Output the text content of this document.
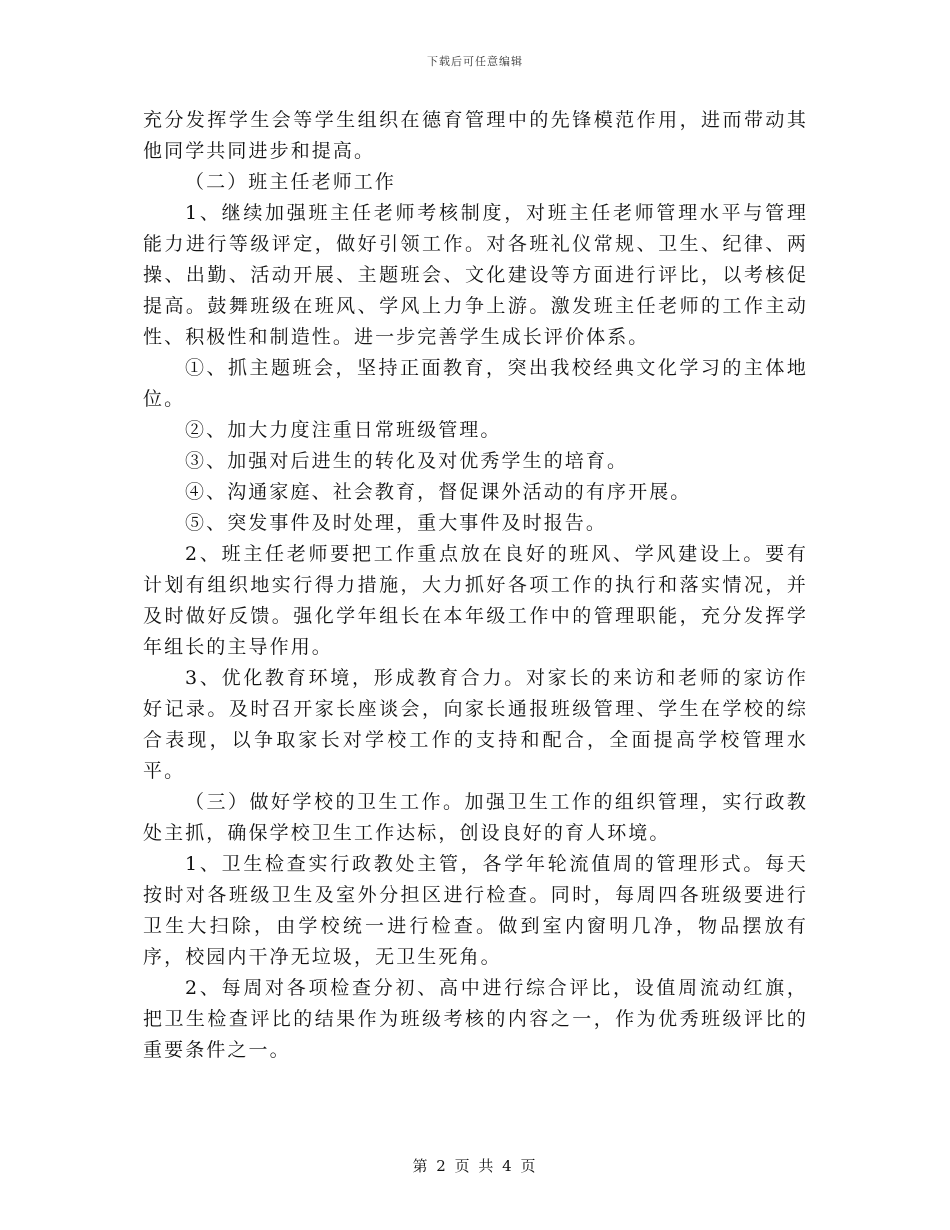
下载后可任意编辑

充分发挥学生会等学生组织在德育管理中的先锋模范作用，进而带动其他同学共同进步和提高。

（二）班主任老师工作

1、继续加强班主任老师考核制度，对班主任老师管理水平与管理能力进行等级评定，做好引领工作。对各班礼仪常规、卫生、纪律、两操、出勤、活动开展、主题班会、文化建设等方面进行评比，以考核促提高。鼓舞班级在班风、学风上力争上游。激发班主任老师的工作主动性、积极性和制造性。进一步完善学生成长评价体系。

①、抓主题班会，坚持正面教育，突出我校经典文化学习的主体地位。

②、加大力度注重日常班级管理。

③、加强对后进生的转化及对优秀学生的培育。

④、沟通家庭、社会教育，督促课外活动的有序开展。

⑤、突发事件及时处理，重大事件及时报告。

2、班主任老师要把工作重点放在良好的班风、学风建设上。要有计划有组织地实行得力措施，大力抓好各项工作的执行和落实情况，并及时做好反馈。强化学年组长在本年级工作中的管理职能，充分发挥学年组长的主导作用。

3、优化教育环境，形成教育合力。对家长的来访和老师的家访作好记录。及时召开家长座谈会，向家长通报班级管理、学生在学校的综合表现，以争取家长对学校工作的支持和配合，全面提高学校管理水平。

（三）做好学校的卫生工作。加强卫生工作的组织管理，实行政教处主抓，确保学校卫生工作达标，创设良好的育人环境。

1、卫生检查实行政教处主管，各学年轮流值周的管理形式。每天按时对各班级卫生及室外分担区进行检查。同时，每周四各班级要进行卫生大扫除，由学校统一进行检查。做到室内窗明几净，物品摆放有序，校园内干净无垃圾，无卫生死角。

2、每周对各项检查分初、高中进行综合评比，设值周流动红旗，把卫生检查评比的结果作为班级考核的内容之一，作为优秀班级评比的重要条件之一。

第 2 页 共 4 页
